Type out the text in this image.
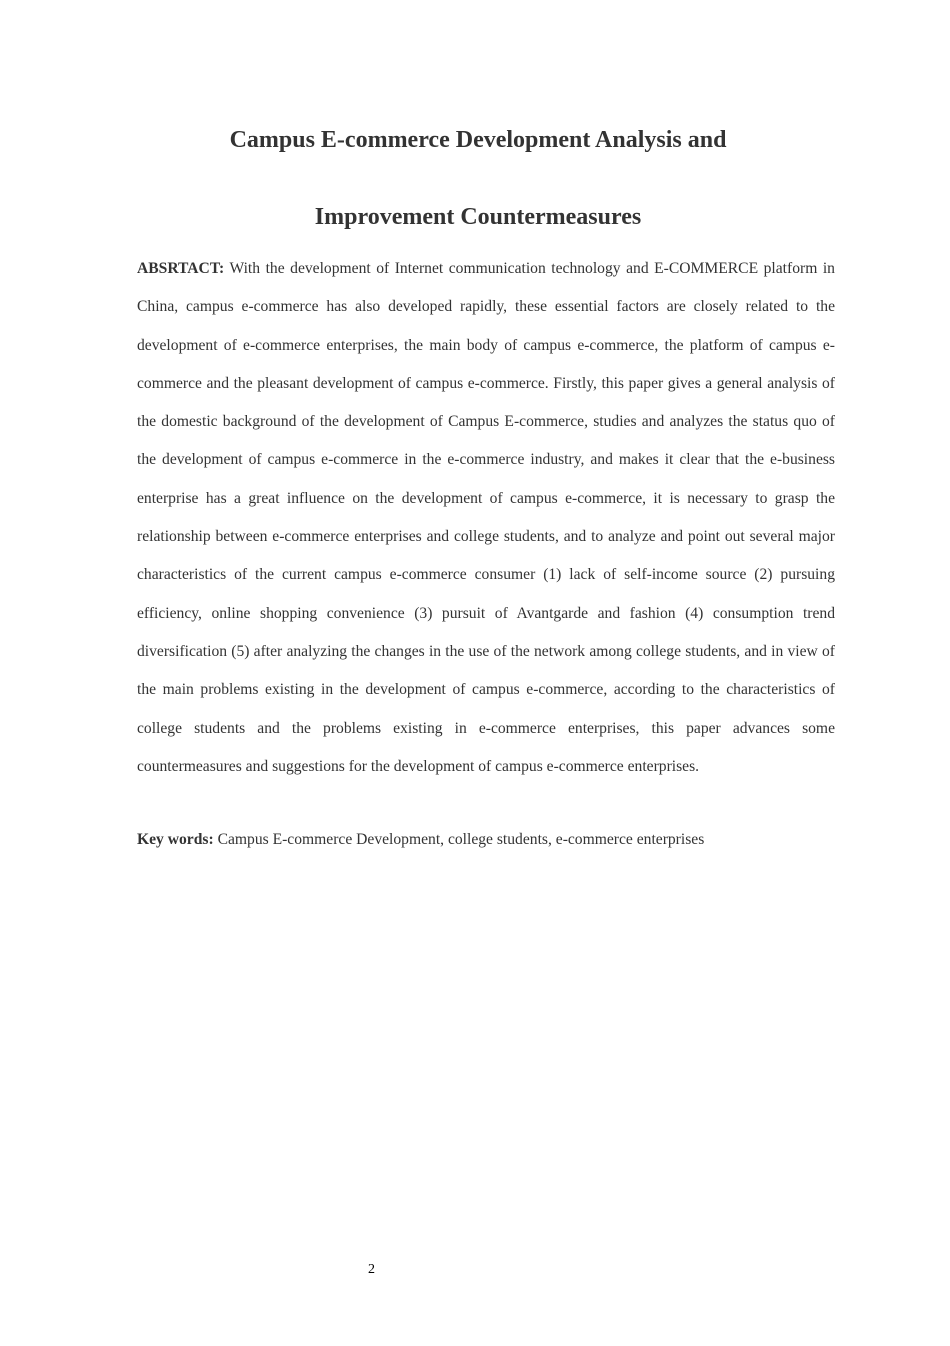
Campus E-commerce Development Analysis and
Improvement Countermeasures

ABSRTACT: With the development of Internet communication technology and E-COMMERCE platform in China, campus e-commerce has also developed rapidly, these essential factors are closely related to the development of e-commerce enterprises, the main body of campus e-commerce, the platform of campus e-commerce and the pleasant development of campus e-commerce. Firstly, this paper gives a general analysis of the domestic background of the development of Campus E-commerce, studies and analyzes the status quo of the development of campus e-commerce in the e-commerce industry, and makes it clear that the e-business enterprise has a great influence on the development of campus e-commerce, it is necessary to grasp the relationship between e-commerce enterprises and college students, and to analyze and point out several major characteristics of the current campus e-commerce consumer (1) lack of self-income source (2) pursuing efficiency, online shopping convenience (3) pursuit of Avantgarde and fashion (4) consumption trend diversification (5) after analyzing the changes in the use of the network among college students, and in view of the main problems existing in the development of campus e-commerce, according to the characteristics of college students and the problems existing in e-commerce enterprises, this paper advances some countermeasures and suggestions for the development of campus e-commerce enterprises.

Key words: Campus E-commerce Development, college students, e-commerce enterprises

2
